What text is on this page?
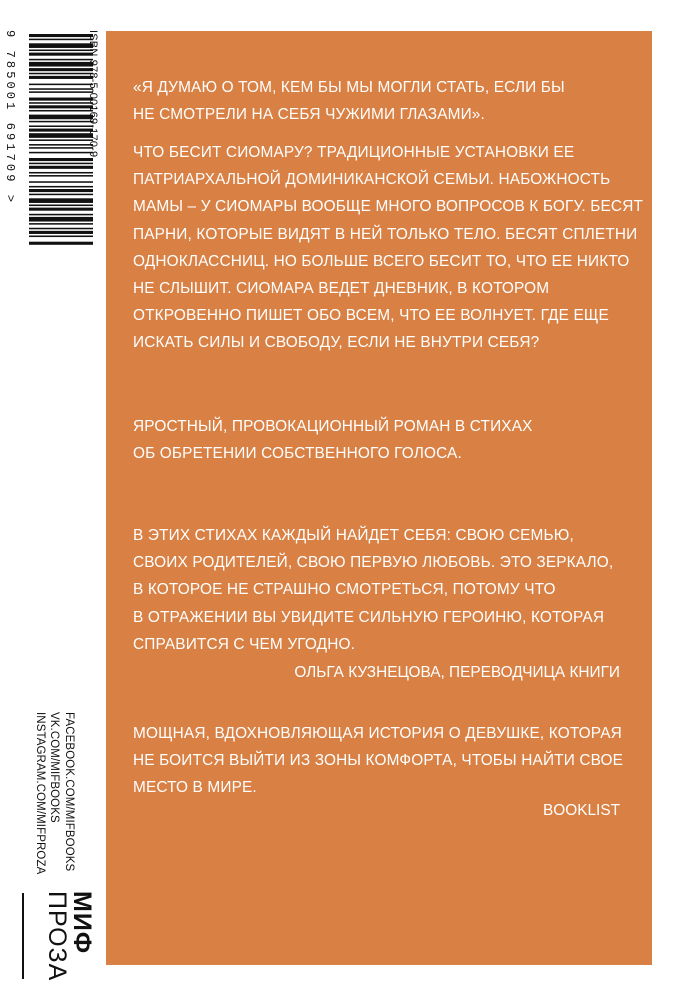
ISBN 978-5-00169-170-9
9 785001 691709 >
FACEBOOK.COM/MIFBOOKS
VK.COM/MIFBOOKS
INSTAGRAM.COM/MIFPROZA
МИФ
ПРОЗА
«Я ДУМАЮ О ТОМ, КЕМ БЫ МЫ МОГЛИ СТАТЬ, ЕСЛИ БЫ
НЕ СМОТРЕЛИ НА СЕБЯ ЧУЖИМИ ГЛАЗАМИ».
ЧТО БЕСИТ СИОМАРУ? ТРАДИЦИОННЫЕ УСТАНОВКИ ЕЕ
ПАТРИАРХАЛЬНОЙ ДОМИНИКАНСКОЙ СЕМЬИ. НАБОЖНОСТЬ
МАМЫ – У СИОМАРЫ ВООБЩЕ МНОГО ВОПРОСОВ К БОГУ. БЕСЯТ
ПАРНИ, КОТОРЫЕ ВИДЯТ В НЕЙ ТОЛЬКО ТЕЛО. БЕСЯТ СПЛЕТНИ
ОДНОКЛАССНИЦ. НО БОЛЬШЕ ВСЕГО БЕСИТ ТО, ЧТО ЕЕ НИКТО
НЕ СЛЫШИТ. СИОМАРА ВЕДЕТ ДНЕВНИК, В КОТОРОМ
ОТКРОВЕННО ПИШЕТ ОБО ВСЕМ, ЧТО ЕЕ ВОЛНУЕТ. ГДЕ ЕЩЕ
ИСКАТЬ СИЛЫ И СВОБОДУ, ЕСЛИ НЕ ВНУТРИ СЕБЯ?
ЯРОСТНЫЙ, ПРОВОКАЦИОННЫЙ РОМАН В СТИХАХ
ОБ ОБРЕТЕНИИ СОБСТВЕННОГО ГОЛОСА.
В ЭТИХ СТИХАХ КАЖДЫЙ НАЙДЕТ СЕБЯ: СВОЮ СЕМЬЮ,
СВОИХ РОДИТЕЛЕЙ, СВОЮ ПЕРВУЮ ЛЮБОВЬ. ЭТО ЗЕРКАЛО,
В КОТОРОЕ НЕ СТРАШНО СМОТРЕТЬСЯ, ПОТОМУ ЧТО
В ОТРАЖЕНИИ ВЫ УВИДИТЕ СИЛЬНУЮ ГЕРОИНЮ, КОТОРАЯ
СПРАВИТСЯ С ЧЕМ УГОДНО.
ОЛЬГА КУЗНЕЦОВА, ПЕРЕВОДЧИЦА КНИГИ
МОЩНАЯ, ВДОХНОВЛЯЮЩАЯ ИСТОРИЯ О ДЕВУШКЕ, КОТОРАЯ
НЕ БОИТСЯ ВЫЙТИ ИЗ ЗОНЫ КОМФОРТА, ЧТОБЫ НАЙТИ СВОЕ
МЕСТО В МИРЕ.
BOOKLIST
